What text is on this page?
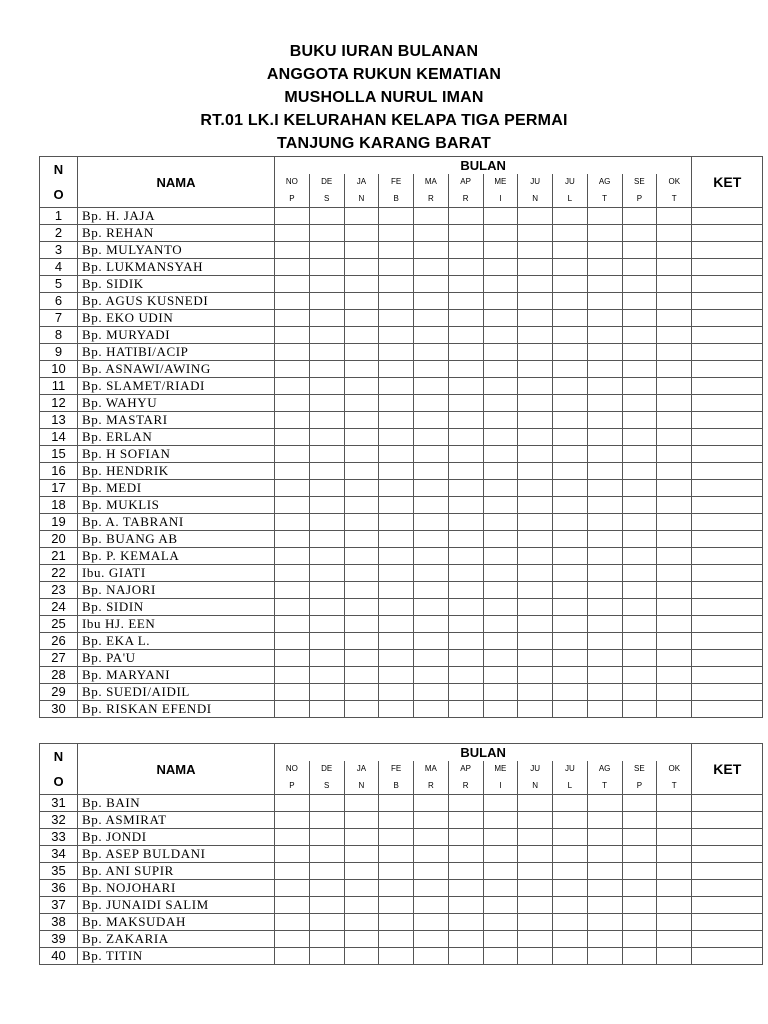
BUKU IURAN BULANAN
ANGGOTA RUKUN KEMATIAN
MUSHOLLA NURUL IMAN
RT.01 LK.I KELURAHAN KELAPA TIGA PERMAI
TANJUNG KARANG BARAT
N
O	NAMA	BULAN												KET
		NO	DE	JA	FE	MA	AP	ME	JU	JU	AG	SE	OK	
		P	S	N	B	R	R	I	N	L	T	P	T	
1	Bp. H. JAJA													
2	Bp. REHAN													
3	Bp. MULYANTO													
4	Bp. LUKMANSYAH													
5	Bp. SIDIK													
6	Bp. AGUS KUSNEDI													
7	Bp. EKO UDIN													
8	Bp. MURYADI													
9	Bp. HATIBI/ACIP													
10	Bp. ASNAWI/AWING													
11	Bp. SLAMET/RIADI													
12	Bp. WAHYU													
13	Bp. MASTARI													
14	Bp. ERLAN													
15	Bp. H SOFIAN													
16	Bp. HENDRIK													
17	Bp. MEDI													
18	Bp. MUKLIS													
19	Bp. A. TABRANI													
20	Bp. BUANG AB													
21	Bp. P. KEMALA													
22	Ibu. GIATI													
23	Bp. NAJORI													
24	Bp. SIDIN													
25	Ibu HJ. EEN													
26	Bp. EKA L.													
27	Bp. PA'U													
28	Bp. MARYANI													
29	Bp. SUEDI/AIDIL													
30	Bp. RISKAN EFENDI													
N
O	NAMA	BULAN												KET
		NO	DE	JA	FE	MA	AP	ME	JU	JU	AG	SE	OK	
		P	S	N	B	R	R	I	N	L	T	P	T	
31	Bp. BAIN													
32	Bp. ASMIRAT													
33	Bp. JONDI													
34	Bp. ASEP BULDANI													
35	Bp. ANI SUPIR													
36	Bp. NOJOHARI													
37	Bp. JUNAIDI SALIM													
38	Bp. MAKSUDAH													
39	Bp. ZAKARIA													
40	Bp. TITIN													
